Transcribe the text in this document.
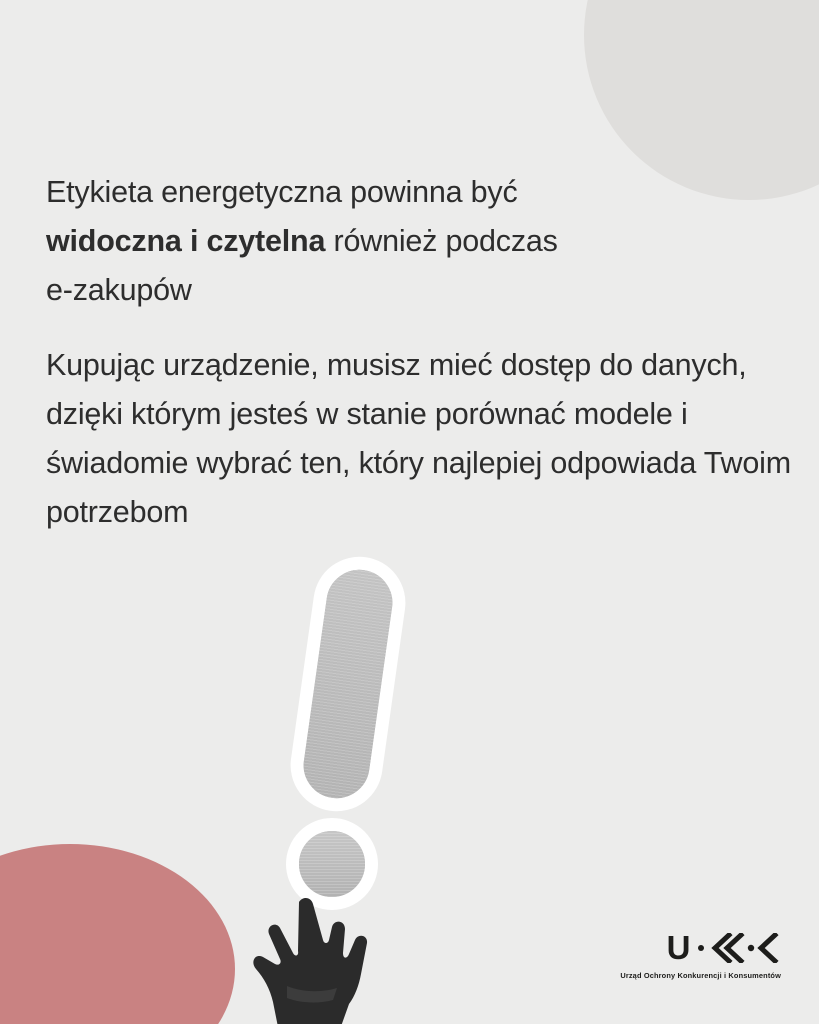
Etykieta energetyczna powinna być
widoczna i czytelna również podczas
e-zakupów

Kupując urządzenie, musisz mieć dostęp do danych, dzięki którym jesteś w stanie porównać modele i świadomie wybrać ten, który najlepiej odpowiada Twoim potrzebom

U
Urząd Ochrony Konkurencji i Konsumentów
